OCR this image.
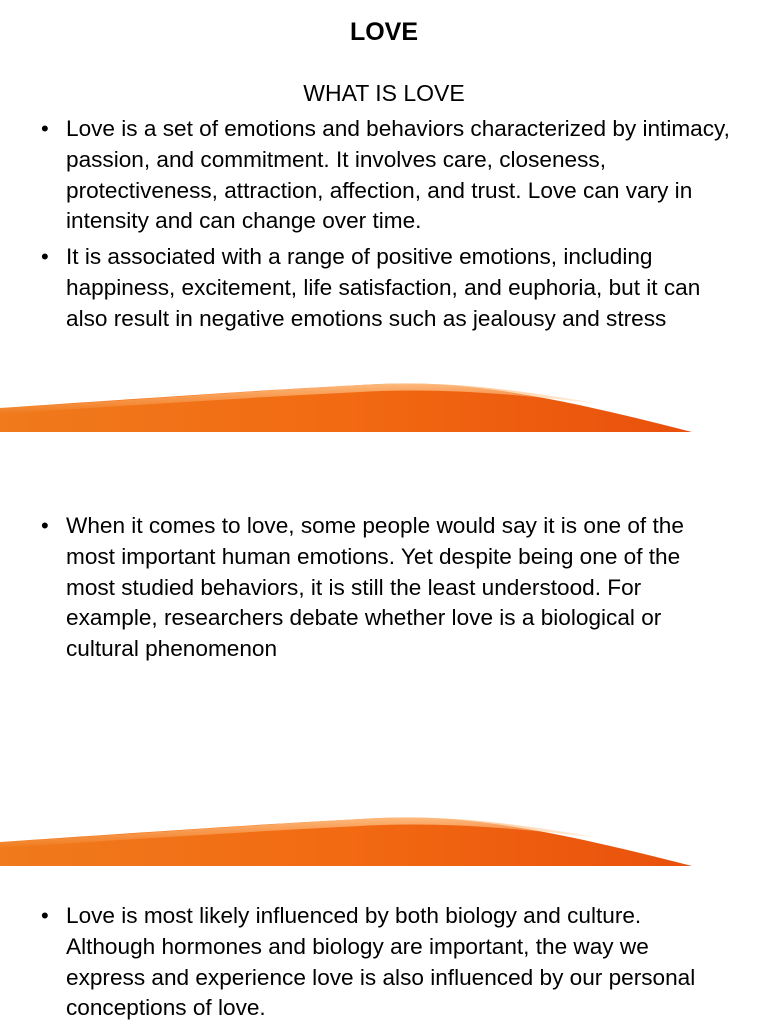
LOVE
WHAT IS LOVE
• Love is a set of emotions and behaviors characterized by intimacy, passion, and commitment. It involves care, closeness, protectiveness, attraction, affection, and trust. Love can vary in intensity and can change over time.
• It is associated with a range of positive emotions, including happiness, excitement, life satisfaction, and euphoria, but it can also result in negative emotions such as jealousy and stress
• When it comes to love, some people would say it is one of the most important human emotions. Yet despite being one of the most studied behaviors, it is still the least understood. For example, researchers debate whether love is a biological or cultural phenomenon
• Love is most likely influenced by both biology and culture. Although hormones and biology are important, the way we express and experience love is also influenced by our personal conceptions of love.
